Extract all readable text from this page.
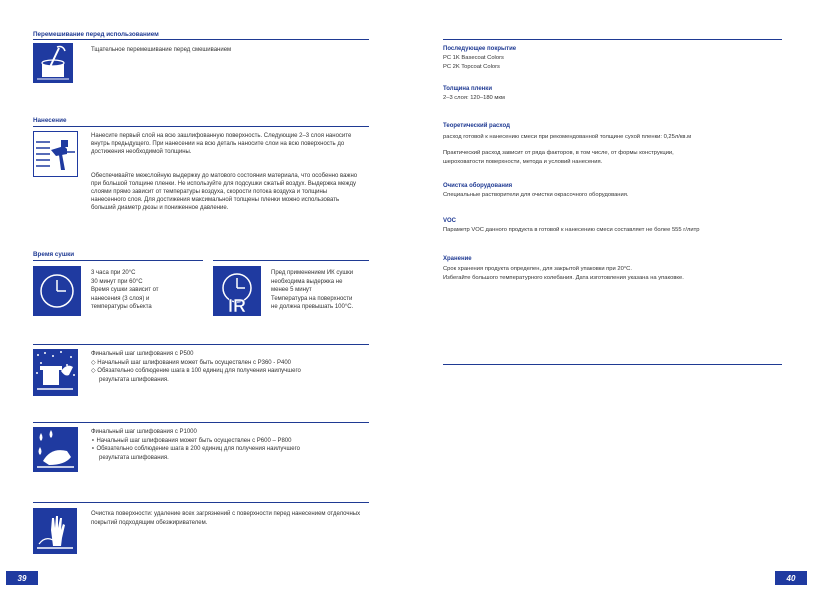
Перемешивание перед использованием
Тщательное перемешивание перед смешиванием
Нанесение
Нанесите первый слой на всю зашлифованную поверхность. Следующие 2–3 слоя наносите внутрь предыдущего. При нанесении на всю деталь наносите слои на всю поверхность до достижения необходимой толщины.
Обеспечивайте межслойную выдержку до матового состояния материала, что особенно важно при большой толщине пленки. Не используйте для подсушки сжатый воздух. Выдержка между слоями прямо зависит от температуры воздуха, скорости потока воздуха и толщины нанесенного слоя. Для достижения максимальной толщены пленки можно использовать больший диаметр дюзы и пониженное давление.
Время сушки
3 часа при 20°C
30 минут при 60°C
Время сушки зависит от
нанесения (3 слоя) и
температуры объекта	IR
Пред применением ИК сушки
необходима выдержка не
менее 5 минут
Температура на поверхности
не должна превышать 100°C.
Финальный шаг шлифования с P500
◇ Начальный шаг шлифования может быть осуществлен с P360 - P400
◇ Обязательно соблюдение шага в 100 единиц для получения наилучшего
результата шлифования.
Финальный шаг шлифования с P1000
∘ Начальный шаг шлифования может быть осуществлен с P600 – P800
∘ Обязательно соблюдение шага в 200 единиц для получения наилучшего
результата шлифования.
Очистка поверхности: удаление всех загрязнений с поверхности перед нанесением отделочных покрытий подходящим обезжиривателем.
39
Последующее покрытие
PC 1K Basecoat Colors
PC 2K Topcoat Colors
Толщина пленки
2–3 слоя: 120–180 мкм
Теоретический расход
расход готовой к нанесению смеси при рекомендованной толщине сухой пленки: 0,25л/кв.м
Практический расход зависит от ряда факторов, в том числе, от формы конструкции,
шероховатости поверхности, метода и условий нанесения.
Очистка оборудования
Специальные растворители для очистки окрасочного оборудования.
VOC
Параметр VOC данного продукта в готовой к нанесению смеси составляет не более 555 г/литр
Хранение
Срок хранения продукта определен, для закрытой упаковки при 20°C.
Избегайте большого температурного колебания. Дата изготовления указана на упаковке.
40
